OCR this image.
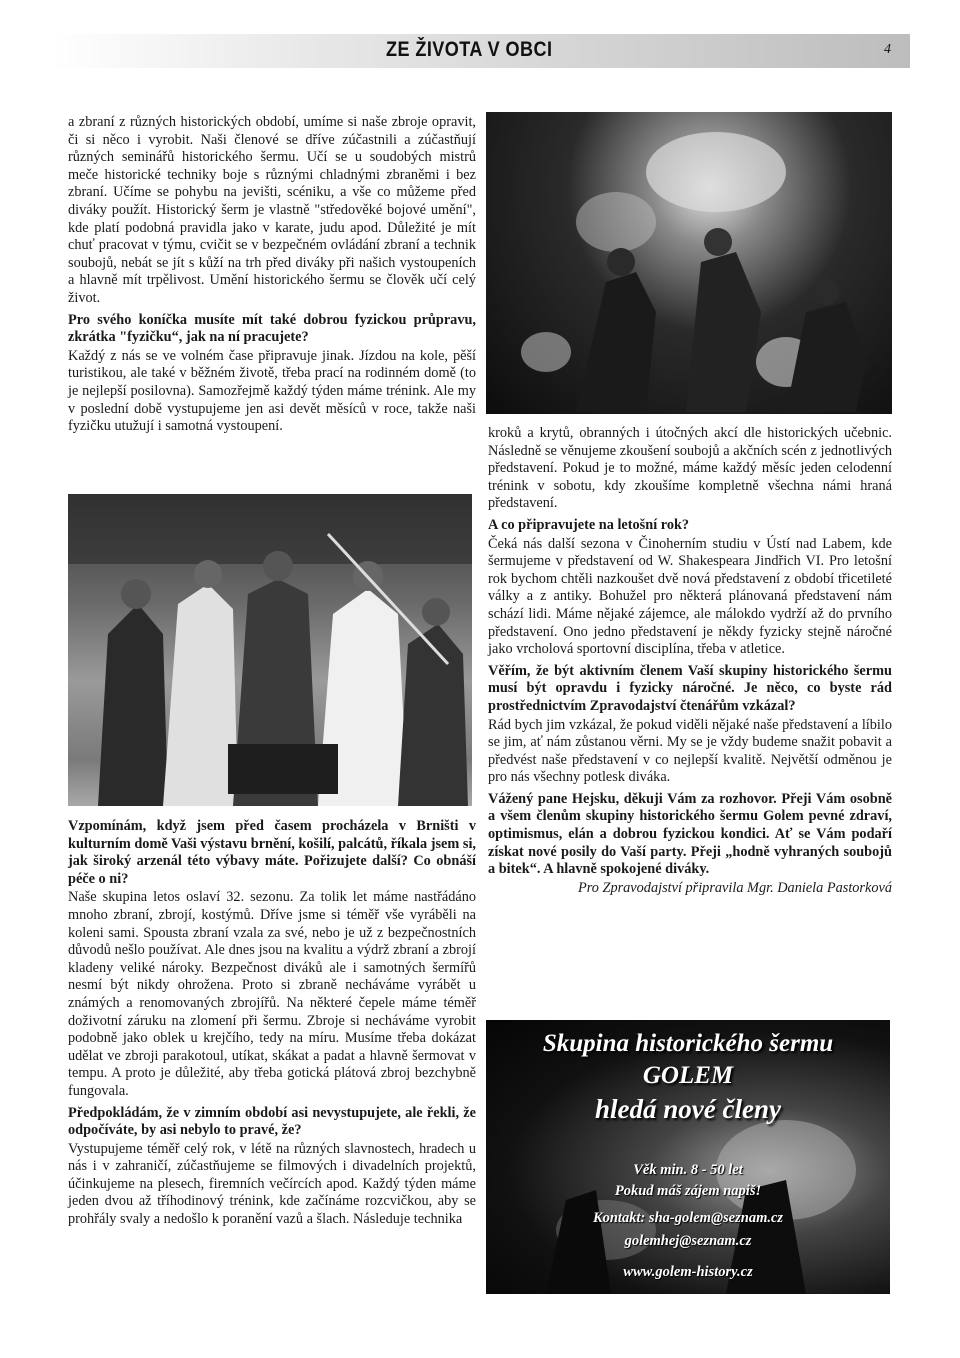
ZE ŽIVOTA V OBCI	4

a zbraní z různých historických období, umíme si naše zbroje opravit, či si něco i vyrobit. Naši členové se dříve zúčastnili a zúčastňují různých seminářů historického šermu. Učí se u soudobých mistrů meče historické techniky boje s různými chladnými zbraněmi i bez zbraní. Učíme se pohybu na jevišti, scéniku, a vše co můžeme před diváky použít. Historický šerm je vlastně "středověké bojové umění", kde platí podobná pravidla jako v karate, judu apod. Důležité je mít chuť pracovat v týmu, cvičit se v bezpečném ovládání zbraní a technik soubojů, nebát se jít s kůží na trh před diváky při našich vystoupeních a hlavně mít trpělivost. Umění historického šermu se člověk učí celý život.

Pro svého koníčka musíte mít také dobrou fyzickou průpravu, zkrátka "fyzičku“, jak na ní pracujete?

Každý z nás se ve volném čase připravuje jinak. Jízdou na kole, pěší turistikou, ale také v běžném životě, třeba prací na rodinném domě (to je nejlepší posilovna). Samozřejmě každý týden máme trénink. Ale my v poslední době vystupujeme jen asi devět měsíců v roce, takže naši fyzičku utužují i samotná vystoupení.

Vzpomínám, když jsem před časem procházela v Brništi v kulturním domě Vaši výstavu brnění, košilí, palcátů, říkala jsem si, jak široký arzenál této výbavy máte. Pořizujete další? Co obnáší péče o ni?

Naše skupina letos oslaví 32. sezonu. Za tolik let máme nastřádáno mnoho zbraní, zbrojí, kostýmů. Dříve jsme si téměř vše vyráběli na koleni sami. Spousta zbraní vzala za své, nebo je už z bezpečnostních důvodů nešlo používat. Ale dnes jsou na kvalitu a výdrž zbraní a zbrojí kladeny veliké nároky. Bezpečnost diváků ale i samotných šermířů nesmí být nikdy ohrožena. Proto si zbraně necháváme vyrábět u známých a renomovaných zbrojířů. Na některé čepele máme téměř doživotní záruku na zlomení při šermu. Zbroje si necháváme vyrobit podobně jako oblek u krejčího, tedy na míru. Musíme třeba dokázat udělat ve zbroji parakotoul, utíkat, skákat a padat a hlavně šermovat v tempu. A proto je důležité, aby třeba gotická plátová zbroj bezchybně fungovala.

Předpokládám, že v zimním období asi nevystupujete, ale řekli, že odpočíváte, by asi nebylo to pravé, že?

Vystupujeme téměř celý rok, v létě na různých slavnostech, hradech u nás i v zahraničí, zúčastňujeme se filmových i divadelních projektů, účinkujeme na plesech, firemních večírcích apod. Každý týden máme jeden dvou až tříhodinový trénink, kde začínáme rozcvičkou, aby se prohřály svaly a nedošlo k poranění vazů a šlach. Následuje technika

kroků a krytů, obranných i útočných akcí dle historických učebnic. Následně se věnujeme zkoušení soubojů a akčních scén z jednotlivých představení. Pokud je to možné, máme každý měsíc jeden celodenní trénink v sobotu, kdy zkoušíme kompletně všechna námi hraná představení.

A co připravujete na letošní rok?

Čeká nás další sezona v Činoherním studiu v Ústí nad Labem, kde šermujeme v představení od W. Shakespeara Jindřich VI. Pro letošní rok bychom chtěli nazkoušet dvě nová představení z období třicetileté války a z antiky. Bohužel pro některá plánovaná představení nám schází lidi. Máme nějaké zájemce, ale málokdo vydrží až do prvního představení. Ono jedno představení je někdy fyzicky stejně náročné jako vrcholová sportovní disciplína, třeba v atletice.

Věřím, že být aktivním členem Vaší skupiny historického šermu musí být opravdu i fyzicky náročné. Je něco, co byste rád prostřednictvím Zpravodajství čtenářům vzkázal?

Rád bych jim vzkázal, že pokud viděli nějaké naše představení a líbilo se jim, ať nám zůstanou věrni. My se je vždy budeme snažit pobavit a předvést naše představení v co nejlepší kvalitě. Největší odměnou je pro nás všechny potlesk diváka.

Vážený pane Hejsku, děkuji Vám za rozhovor. Přeji Vám osobně a všem členům skupiny historického šermu Golem pevné zdraví, optimismus, elán a dobrou fyzickou kondici. Ať se Vám podaří získat nové posily do Vaší party. Přeji „hodně vyhraných soubojů a bitek“. A hlavně spokojené diváky.

Pro Zpravodajství připravila Mgr. Daniela Pastorková

Skupina historického šermu
GOLEM
hledá nové členy
Věk min. 8 - 50 let
Pokud máš zájem napiš!
Kontakt: sha-golem@seznam.cz
golemhej@seznam.cz
www.golem-history.cz
